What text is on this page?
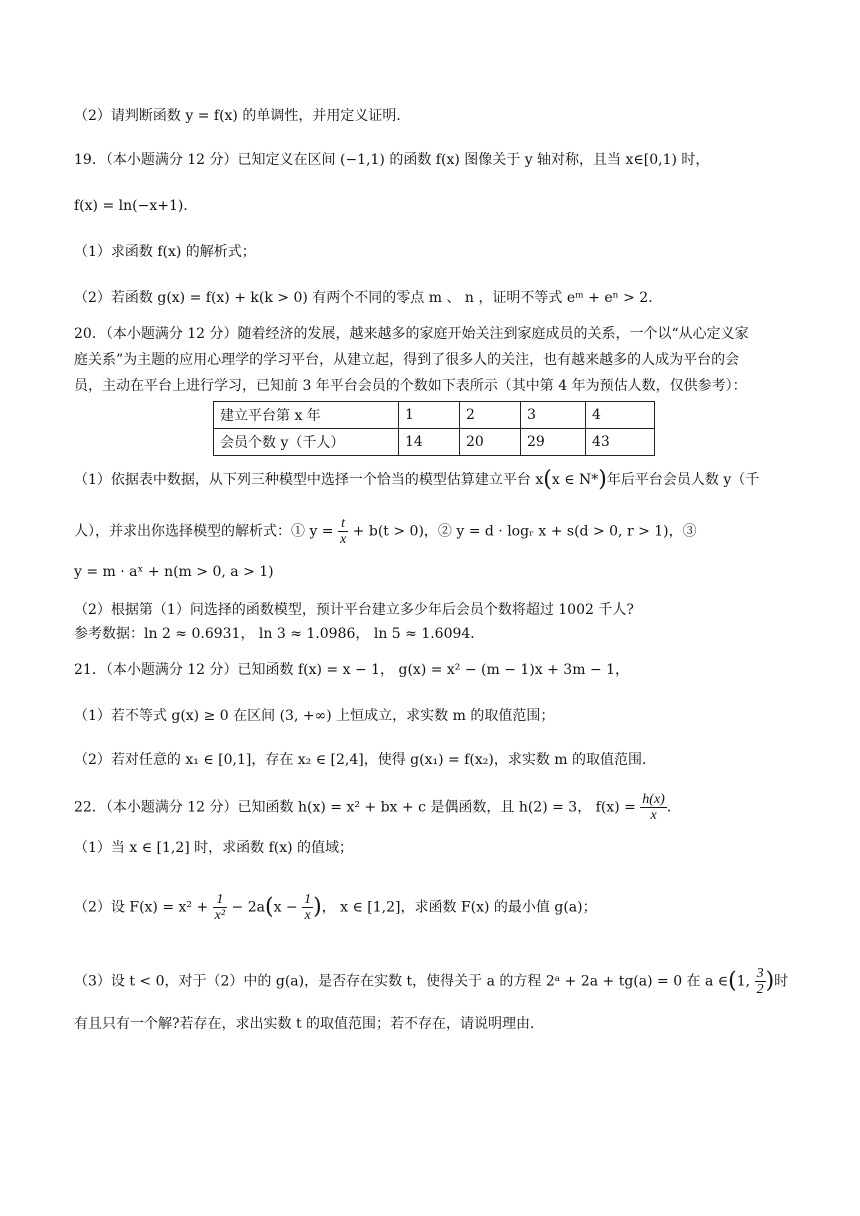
（2）请判断函数 y = f(x) 的单调性，并用定义证明．
19．（本小题满分 12 分）已知定义在区间 (−1,1) 的函数 f(x) 图像关于 y 轴对称，且当 x∈[0,1) 时，
f(x) = ln(−x+1)．
（1）求函数 f(x) 的解析式；
（2）若函数 g(x) = f(x) + k(k > 0) 有两个不同的零点 m 、 n ，证明不等式 eᵐ + eⁿ > 2．
20．（本小题满分 12 分）随着经济的发展，越来越多的家庭开始关注到家庭成员的关系，一个以“从心定义家
庭关系”为主题的应用心理学的学习平台，从建立起，得到了很多人的关注，也有越来越多的人成为平台的会
员，主动在平台上进行学习，已知前 3 年平台会员的个数如下表所示（其中第 4 年为预估人数，仅供参考）：
建立平台第 x 年	1	2	3	4
会员个数 y（千人）	14	20	29	43
（1）依据表中数据，从下列三种模型中选择一个恰当的模型估算建立平台 x(x ∈ N*)年后平台会员人数 y（千
人），并求出你选择模型的解析式：① $y = \frac{t}{x} + b(t > 0)$，② y = d · logᵣ x + s(d > 0, r > 1)，③
y = m · aˣ + n(m > 0, a > 1)
（2）根据第（1）问选择的函数模型，预计平台建立多少年后会员个数将超过 1002 千人?
参考数据：ln 2 ≈ 0.6931， ln 3 ≈ 1.0986， ln 5 ≈ 1.6094．
21．（本小题满分 12 分）已知函数 f(x) = x − 1， g(x) = x² − (m − 1)x + 3m − 1，
（1）若不等式 g(x) ≥ 0 在区间 (3, +∞) 上恒成立，求实数 m 的取值范围；
（2）若对任意的 x₁ ∈ [0,1]，存在 x₂ ∈ [2,4]，使得 g(x₁) = f(x₂)，求实数 m 的取值范围．
22．（本小题满分 12 分）已知函数 h(x) = x² + bx + c 是偶函数，且 h(2) = 3， $f(x) = \frac{h(x)}{x}$ ．
（1）当 x ∈ [1,2] 时，求函数 f(x) 的值域；
（2）设 $F(x) = x^2 + \frac{1}{\text{x²}} - 2a(x - \frac{1}{x}$ )， x ∈ [1,2]，求函数 F(x) 的最小值 g(a)；
（3）设 t < 0，对于（2）中的 g(a)，是否存在实数 t，使得关于 a 的方程 2ᵃ + 2a + tg(a) = 0 在 a ∈(1, $\frac{3}{2}$ )时
有且只有一个解?若存在，求出实数 t 的取值范围；若不存在，请说明理由．
